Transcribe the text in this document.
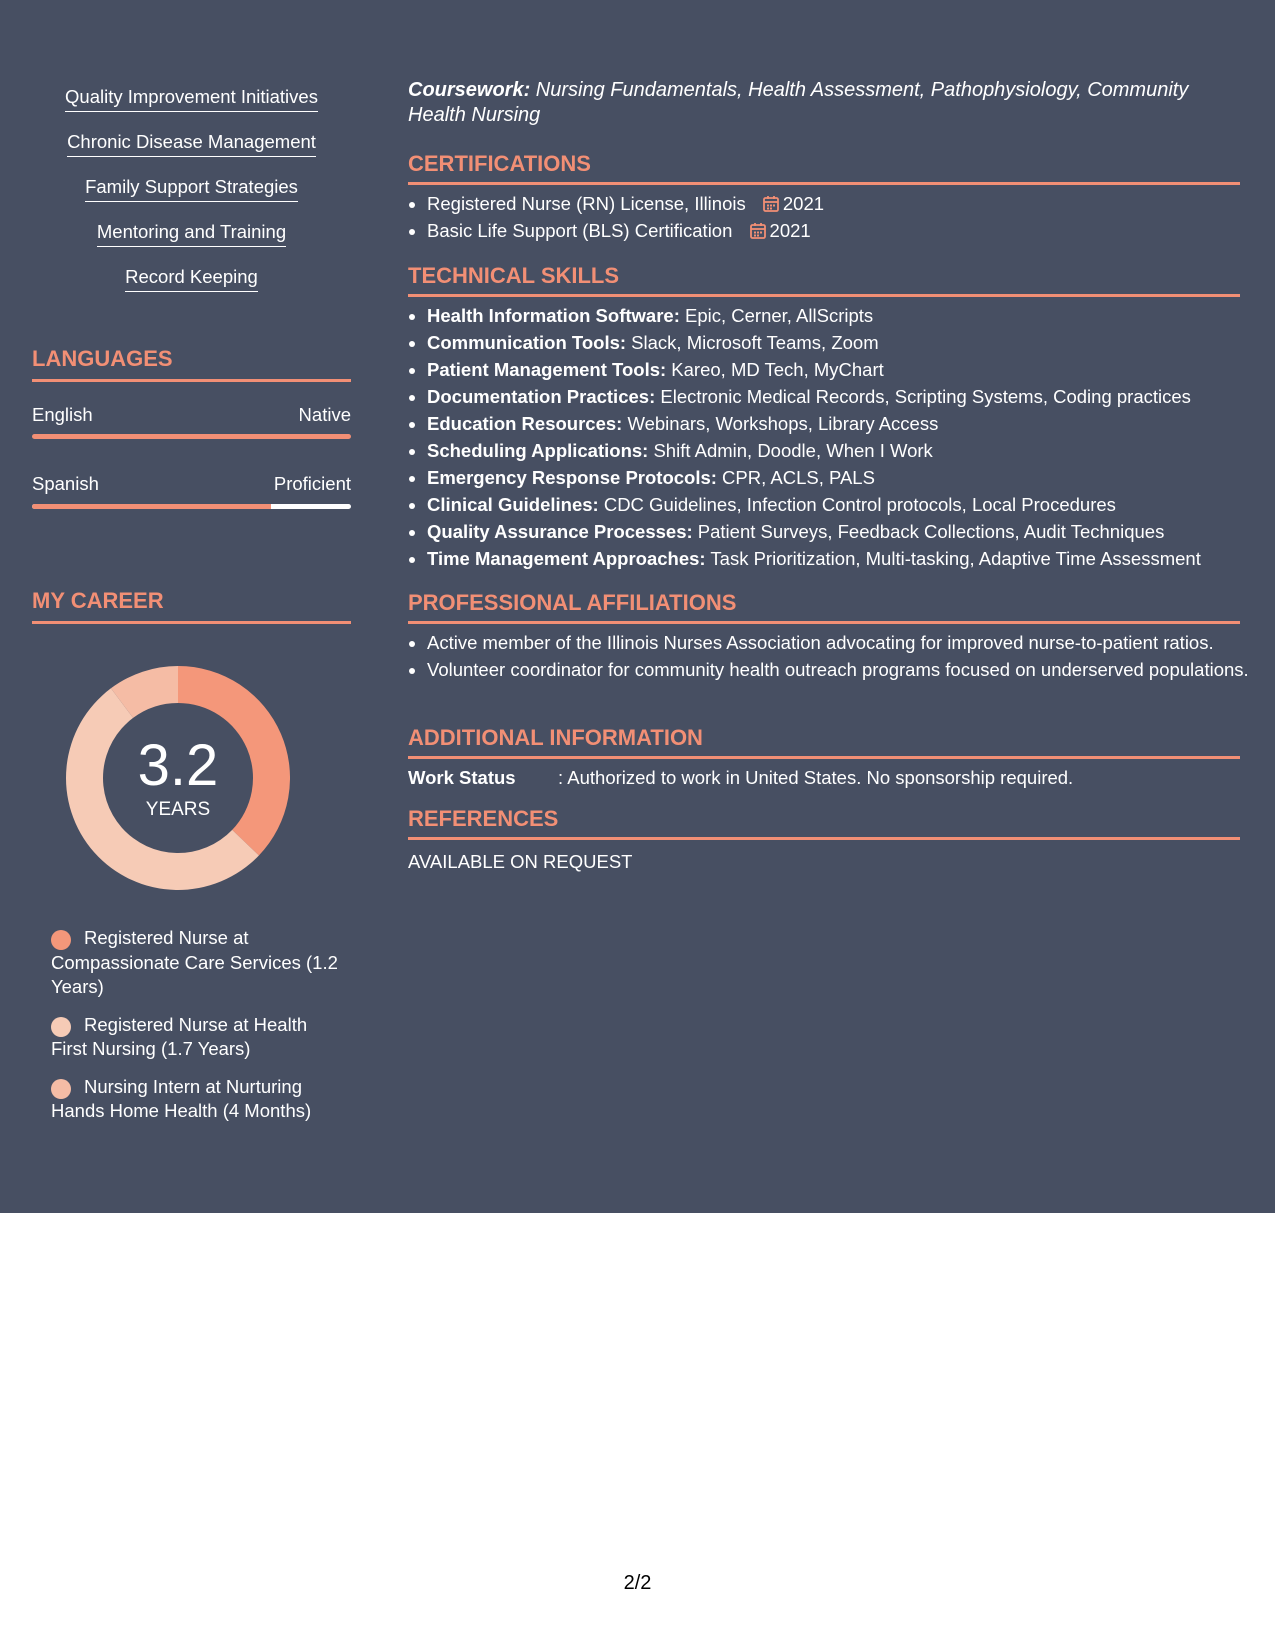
Quality Improvement Initiatives
Chronic Disease Management
Family Support Strategies
Mentoring and Training
Record Keeping
LANGUAGES
English	Native
Spanish	Proficient
MY CAREER
3.2
YEARS
Registered Nurse at Compassionate Care Services (1.2 Years)
Registered Nurse at Health First Nursing (1.7 Years)
Nursing Intern at Nurturing Hands Home Health (4 Months)
Coursework: Nursing Fundamentals, Health Assessment, Pathophysiology, Community Health Nursing
CERTIFICATIONS
• Registered Nurse (RN) License, Illinois 2021
• Basic Life Support (BLS) Certification 2021
TECHNICAL SKILLS
• Health Information Software: Epic, Cerner, AllScripts
• Communication Tools: Slack, Microsoft Teams, Zoom
• Patient Management Tools: Kareo, MD Tech, MyChart
• Documentation Practices: Electronic Medical Records, Scripting Systems, Coding practices
• Education Resources: Webinars, Workshops, Library Access
• Scheduling Applications: Shift Admin, Doodle, When I Work
• Emergency Response Protocols: CPR, ACLS, PALS
• Clinical Guidelines: CDC Guidelines, Infection Control protocols, Local Procedures
• Quality Assurance Processes: Patient Surveys, Feedback Collections, Audit Techniques
• Time Management Approaches: Task Prioritization, Multi-tasking, Adaptive Time Assessment
PROFESSIONAL AFFILIATIONS
• Active member of the Illinois Nurses Association advocating for improved nurse-to-patient ratios.
• Volunteer coordinator for community health outreach programs focused on underserved populations.
ADDITIONAL INFORMATION
Work Status : Authorized to work in United States. No sponsorship required.
REFERENCES
AVAILABLE ON REQUEST
2/2
